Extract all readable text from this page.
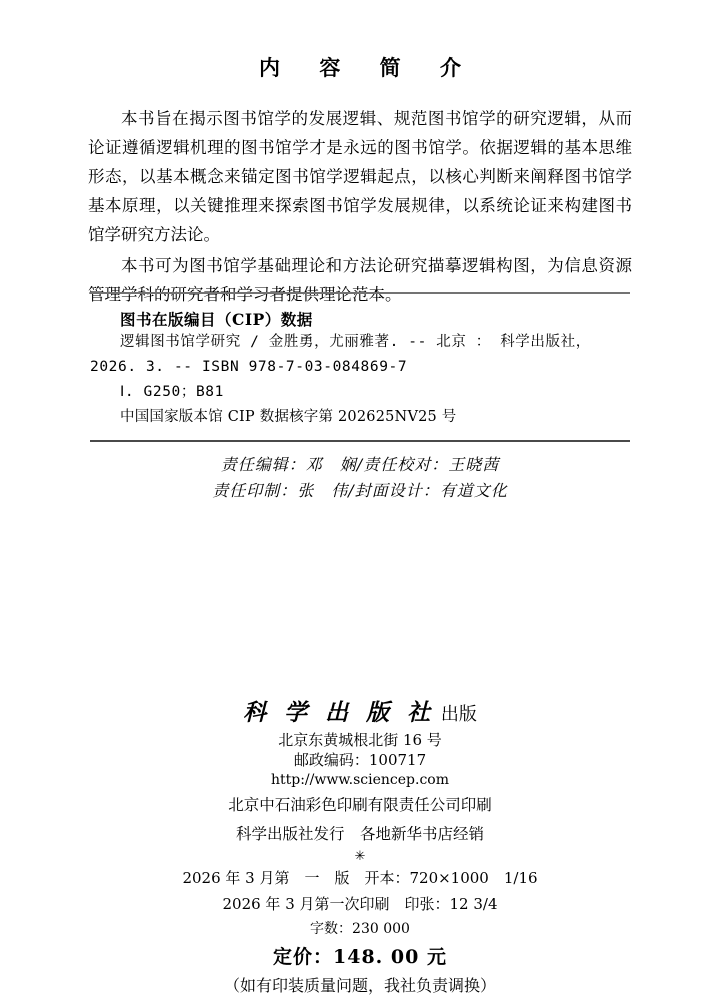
内 容 简 介

本书旨在揭示图书馆学的发展逻辑、规范图书馆学的研究逻辑，从而论证遵循逻辑机理的图书馆学才是永远的图书馆学。依据逻辑的基本思维形态，以基本概念来锚定图书馆学逻辑起点，以核心判断来阐释图书馆学基本原理，以关键推理来探索图书馆学发展规律，以系统论证来构建图书馆学研究方法论。

本书可为图书馆学基础理论和方法论研究描摹逻辑构图，为信息资源管理学科的研究者和学习者提供理论范本。

图书在版编目（CIP）数据
逻辑图书馆学研究 / 金胜勇，尤丽雅著. -- 北京 ： 科学出版社，
2026. 3. -- ISBN 978-7-03-084869-7
Ⅰ. G250；B81
中国国家版本馆 CIP 数据核字第 202625NV25 号
责任编辑：邓　娴/责任校对：王晓茜
责任印制：张　伟/封面设计：有道文化
科 学 出 版 社 出版
北京东黄城根北街 16 号
邮政编码：100717
http://www.sciencep.com
北京中石油彩色印刷有限责任公司印刷
科学出版社发行　各地新华书店经销
✳
2026 年 3 月第　一　版　开本：720×1000　1/16
2026 年 3 月第一次印刷　印张：12 3/4
字数：230 000
定价：148. 00 元
（如有印装质量问题，我社负责调换）
